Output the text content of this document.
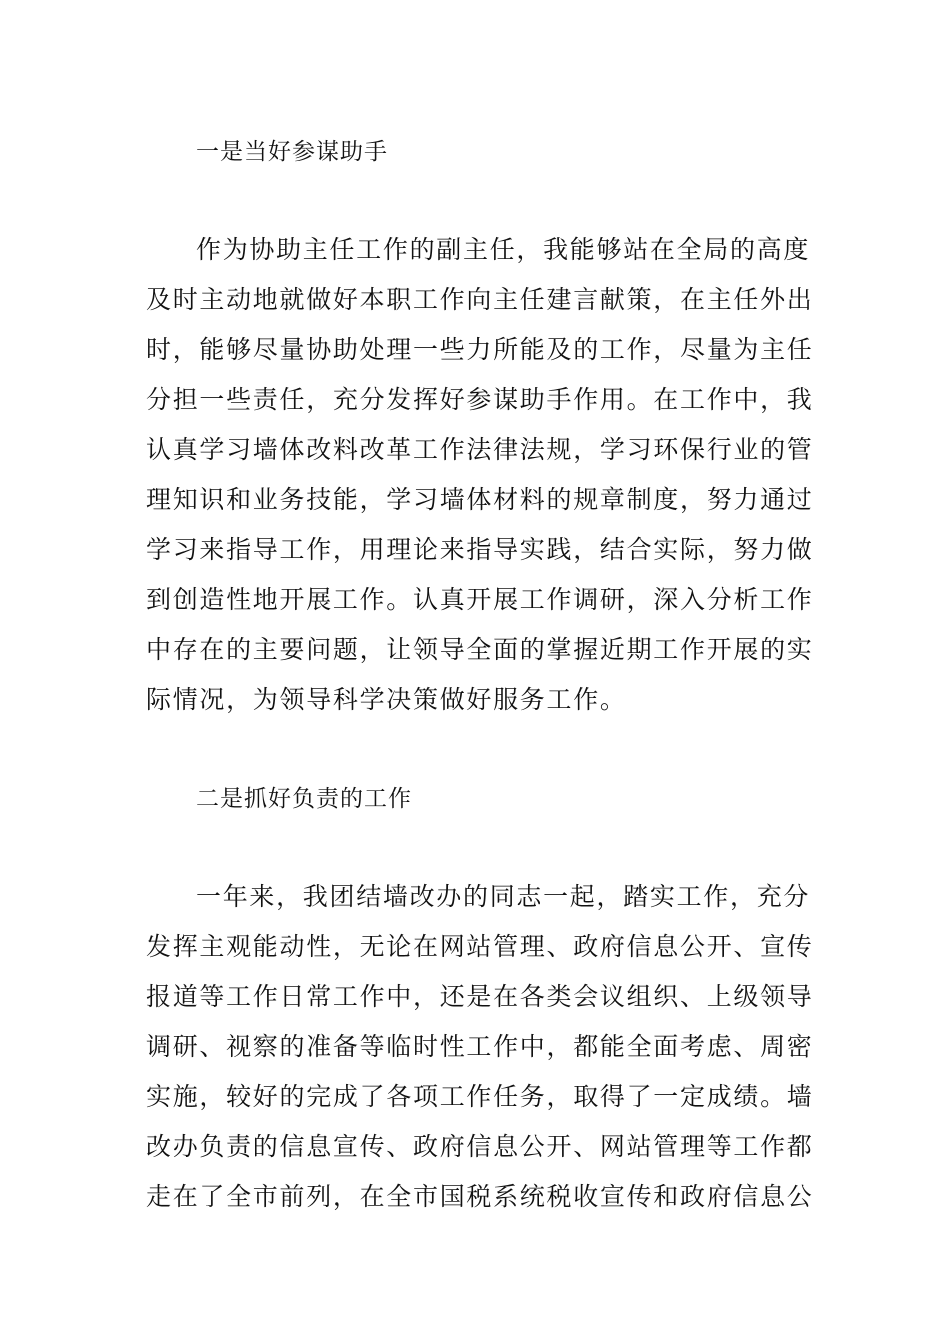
一是当好参谋助手
作为协助主任工作的副主任，我能够站在全局的高度
及时主动地就做好本职工作向主任建言献策，在主任外出
时，能够尽量协助处理一些力所能及的工作，尽量为主任
分担一些责任，充分发挥好参谋助手作用。在工作中，我
认真学习墙体改料改革工作法律法规，学习环保行业的管
理知识和业务技能，学习墙体材料的规章制度，努力通过
学习来指导工作，用理论来指导实践，结合实际，努力做
到创造性地开展工作。认真开展工作调研，深入分析工作
中存在的主要问题，让领导全面的掌握近期工作开展的实
际情况，为领导科学决策做好服务工作。
二是抓好负责的工作
一年来，我团结墙改办的同志一起，踏实工作，充分
发挥主观能动性，无论在网站管理、政府信息公开、宣传
报道等工作日常工作中，还是在各类会议组织、上级领导
调研、视察的准备等临时性工作中，都能全面考虑、周密
实施，较好的完成了各项工作任务，取得了一定成绩。墙
改办负责的信息宣传、政府信息公开、网站管理等工作都
走在了全市前列，在全市国税系统税收宣传和政府信息公
